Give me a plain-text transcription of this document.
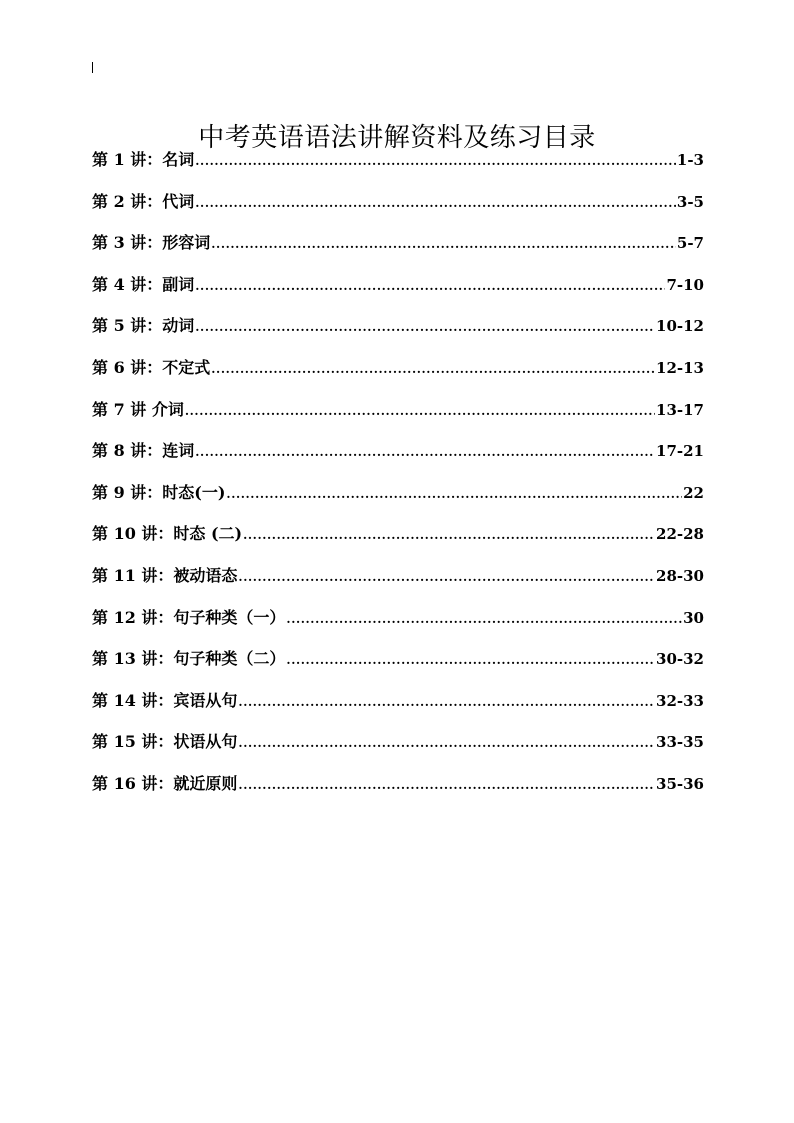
中考英语语法讲解资料及练习目录
第 1 讲：名词 .....	1-3
第 2 讲：代词 .....	3-5
第 3 讲：形容词 .....	5-7
第 4 讲：副词 .....	7-10
第 5 讲：动词 .....	10-12
第 6 讲：不定式 .....	12-13
第 7 讲 介词 .....	13-17
第 8 讲：连词 .....	17-21
第 9 讲：时态(一) .....	22
第 10 讲：时态 (二) .....	22-28
第 11 讲：被动语态 .....	28-30
第 12 讲：句子种类（一） .....	30
第 13 讲：句子种类（二） .....	30-32
第 14 讲：宾语从句 .....	32-33
第 15 讲：状语从句 .....	33-35
第 16 讲：就近原则 .....	35-36
